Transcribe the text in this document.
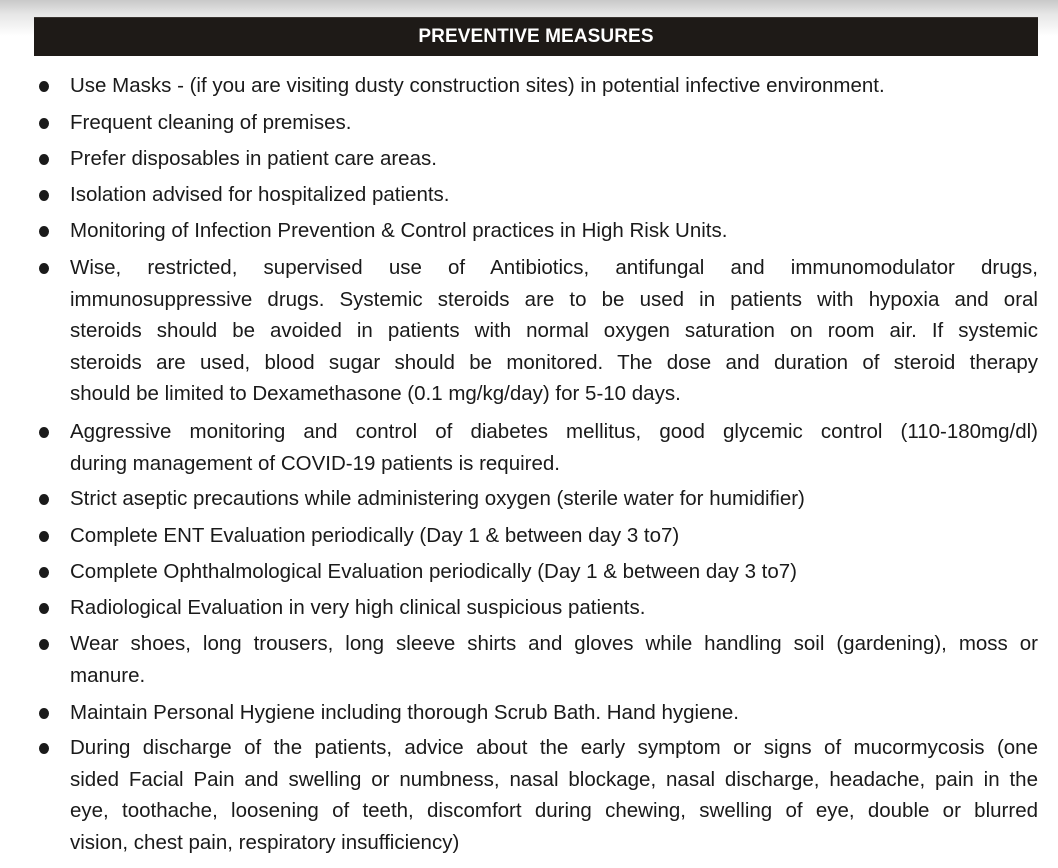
PREVENTIVE MEASURES
Use Masks - (if you are visiting dusty construction sites) in potential infective environment.
Frequent cleaning of premises.
Prefer disposables in patient care areas.
Isolation advised for hospitalized patients.
Monitoring of Infection Prevention & Control practices in High Risk Units.
Wise, restricted, supervised use of Antibiotics, antifungal and immunomodulator drugs,
immunosuppressive drugs. Systemic steroids are to be used in patients with hypoxia and oral
steroids should be avoided in patients with normal oxygen saturation on room air. If systemic
steroids are used, blood sugar should be monitored. The dose and duration of steroid therapy
should be limited to Dexamethasone (0.1 mg/kg/day) for 5-10 days.
Aggressive monitoring and control of diabetes mellitus, good glycemic control (110-180mg/dl)
during management of COVID-19 patients is required.
Strict aseptic precautions while administering oxygen (sterile water for humidifier)
Complete ENT Evaluation periodically (Day 1 & between day 3 to7)
Complete Ophthalmological Evaluation periodically (Day 1 & between day 3 to7)
Radiological Evaluation in very high clinical suspicious patients.
Wear shoes, long trousers, long sleeve shirts and gloves while handling soil (gardening), moss or
manure.
Maintain Personal Hygiene including thorough Scrub Bath. Hand hygiene.
During discharge of the patients, advice about the early symptom or signs of mucormycosis (one
sided Facial Pain and swelling or numbness, nasal blockage, nasal discharge, headache, pain in the
eye, toothache, loosening of teeth, discomfort during chewing, swelling of eye, double or blurred
vision, chest pain, respiratory insufficiency)
